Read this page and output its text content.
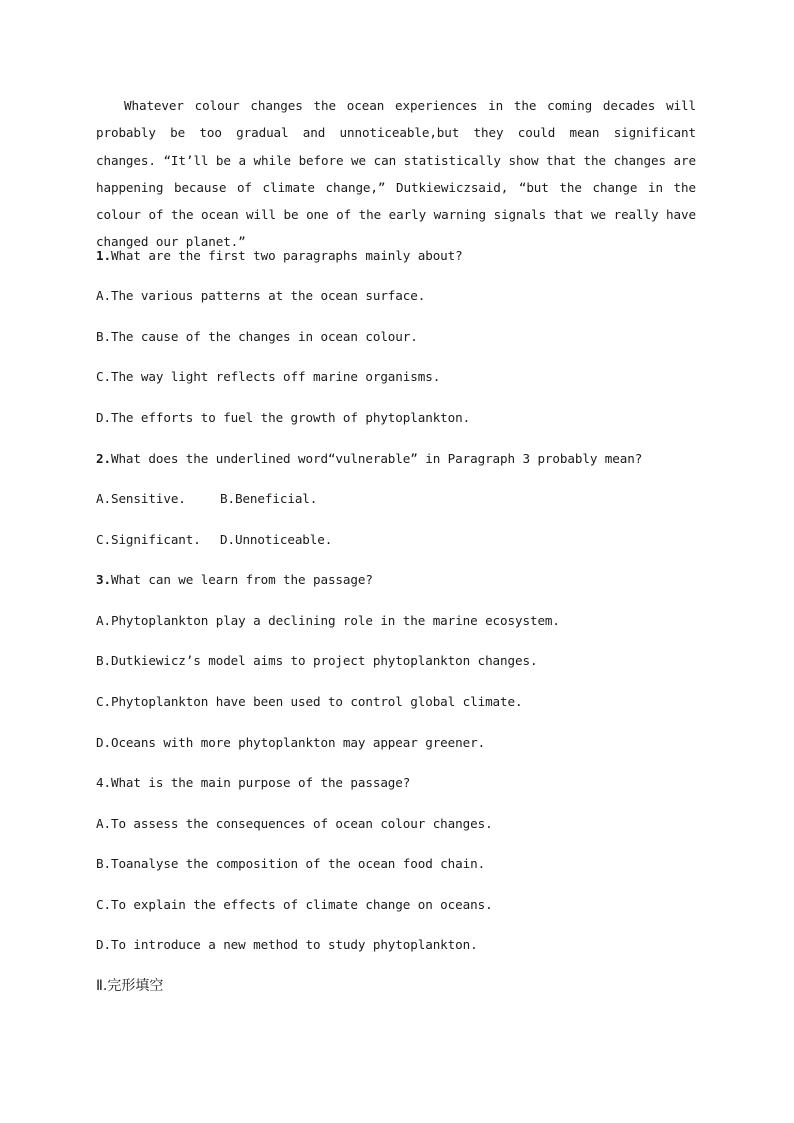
Whatever colour changes the ocean experiences in the coming decades will probably be too gradual and unnoticeable,but they could mean significant changes. “It’ll be a while before we can statistically show that the changes are happening because of climate change,” Dutkiewiczsaid, “but the change in the colour of the ocean will be one of the early warning signals that we really have changed our planet.”
1.What are the first two paragraphs mainly about?
A.The various patterns at the ocean surface.
B.The cause of the changes in ocean colour.
C.The way light reflects off marine organisms.
D.The efforts to fuel the growth of phytoplankton.
2.What does the underlined word“vulnerable” in Paragraph 3 probably mean?
A.Sensitive.	B.Beneficial.
C.Significant. D.Unnoticeable.
3.What can we learn from the passage?
A.Phytoplankton play a declining role in the marine ecosystem.
B.Dutkiewicz’s model aims to project phytoplankton changes.
C.Phytoplankton have been used to control global climate.
D.Oceans with more phytoplankton may appear greener.
4.What is the main purpose of the passage?
A.To assess the consequences of ocean colour changes.
B.Toanalyse the composition of the ocean food chain.
C.To explain the effects of climate change on oceans.
D.To introduce a new method to study phytoplankton.
Ⅱ.完形填空
